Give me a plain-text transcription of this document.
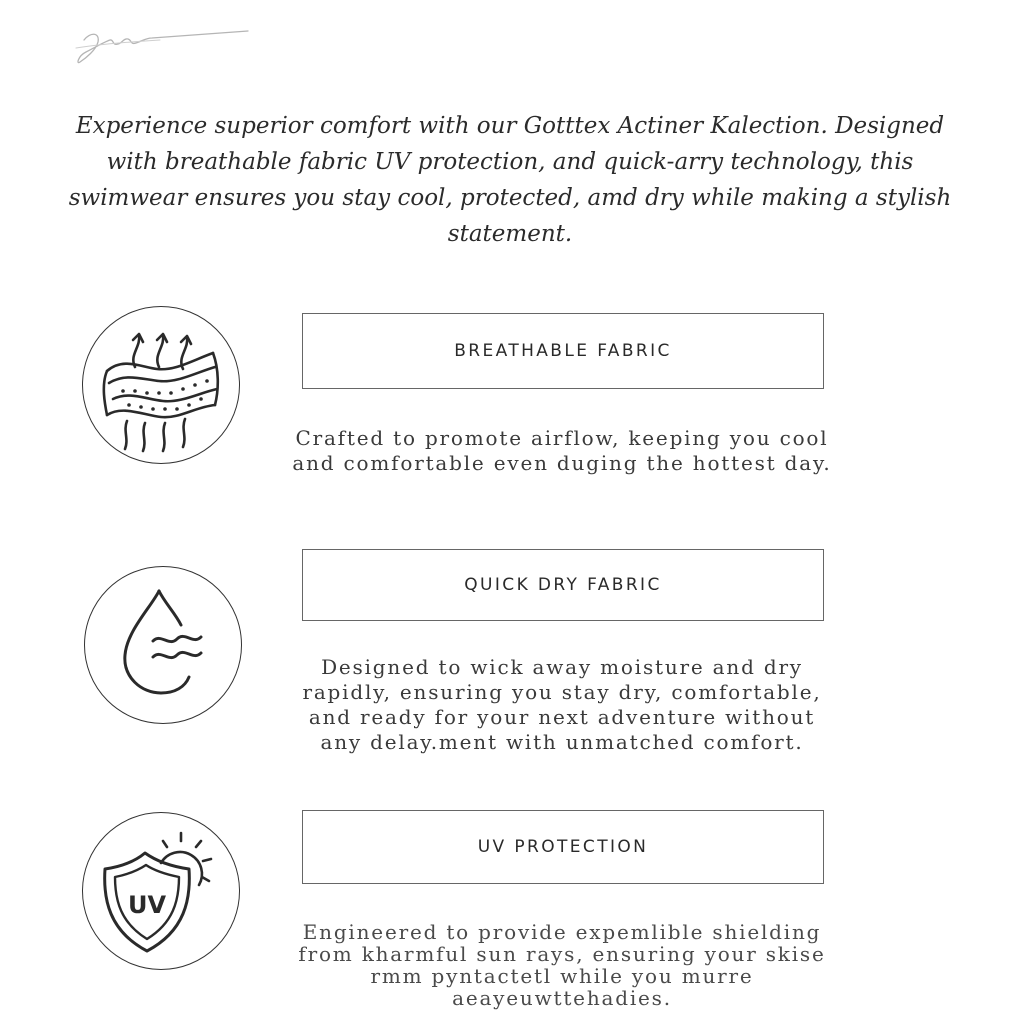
Experience superior comfort with our Gotttex Actiner Kalection. Designed with breathable fabric UV protection, and quick-arry technology, this swimwear ensures you stay cool, protected, amd dry while making a stylish statement.

BREATHABLE FABRIC

Crafted to promote airflow, keeping you cool and comfortable even duging the hottest day.

QUICK DRY FABRIC

Designed to wick away moisture and dry rapidly, ensuring you stay dry, comfortable, and ready for your next adventure without any delay.ment with unmatched comfort.

UV
UV PROTECTION

Engineered to provide expemlible shielding from kharmful sun rays, ensuring your skise rmm pyntactetl while you murre aeayeuwttehadies.
